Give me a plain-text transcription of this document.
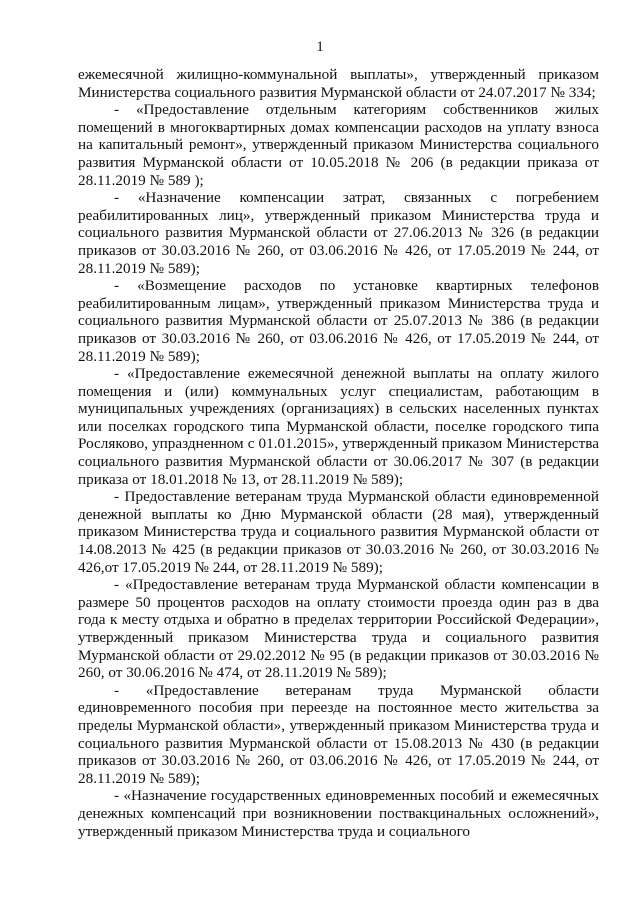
1

ежемесячной жилищно-коммунальной выплаты», утвержденный приказом Министерства социального развития Мурманской области от 24.07.2017 № 334;

- «Предоставление отдельным категориям собственников жилых помещений в многоквартирных домах компенсации расходов на уплату взноса на капитальный ремонт», утвержденный приказом Министерства социального развития Мурманской области от 10.05.2018 № 206 (в редакции приказа от 28.11.2019 № 589 );

- «Назначение компенсации затрат, связанных с погребением реабилитированных лиц», утвержденный приказом Министерства труда и социального развития Мурманской области от 27.06.2013 № 326 (в редакции приказов от 30.03.2016 № 260, от 03.06.2016 № 426, от 17.05.2019 № 244, от 28.11.2019 № 589);

- «Возмещение расходов по установке квартирных телефонов реабилитированным лицам», утвержденный приказом Министерства труда и социального развития Мурманской области от 25.07.2013 № 386 (в редакции приказов от 30.03.2016 № 260, от 03.06.2016 № 426, от 17.05.2019 № 244, от 28.11.2019 № 589);

- «Предоставление ежемесячной денежной выплаты на оплату жилого помещения и (или) коммунальных услуг специалистам, работающим в муниципальных учреждениях (организациях) в сельских населенных пунктах или поселках городского типа Мурманской области, поселке городского типа Росляково, упраздненном с 01.01.2015», утвержденный приказом Министерства социального развития Мурманской области от 30.06.2017 № 307 (в редакции приказа от 18.01.2018 № 13, от 28.11.2019 № 589);

- Предоставление ветеранам труда Мурманской области единовременной денежной выплаты ко Дню Мурманской области (28 мая), утвержденный приказом Министерства труда и социального развития Мурманской области от 14.08.2013 № 425 (в редакции приказов от 30.03.2016 № 260, от 30.03.2016 № 426,от 17.05.2019 № 244, от 28.11.2019 № 589);

- «Предоставление ветеранам труда Мурманской области компенсации в размере 50 процентов расходов на оплату стоимости проезда один раз в два года к месту отдыха и обратно в пределах территории Российской Федерации», утвержденный приказом Министерства труда и социального развития Мурманской области от 29.02.2012 № 95 (в редакции приказов от 30.03.2016 № 260, от 30.06.2016 № 474, от 28.11.2019 № 589);

- «Предоставление ветеранам труда Мурманской области единовременного пособия при переезде на постоянное место жительства за пределы Мурманской области», утвержденный приказом Министерства труда и социального развития Мурманской области от 15.08.2013 № 430 (в редакции приказов от 30.03.2016 № 260, от 03.06.2016 № 426, от 17.05.2019 № 244, от 28.11.2019 № 589);

- «Назначение государственных единовременных пособий и ежемесячных денежных компенсаций при возникновении поствакцинальных осложнений», утвержденный приказом Министерства труда и социального
